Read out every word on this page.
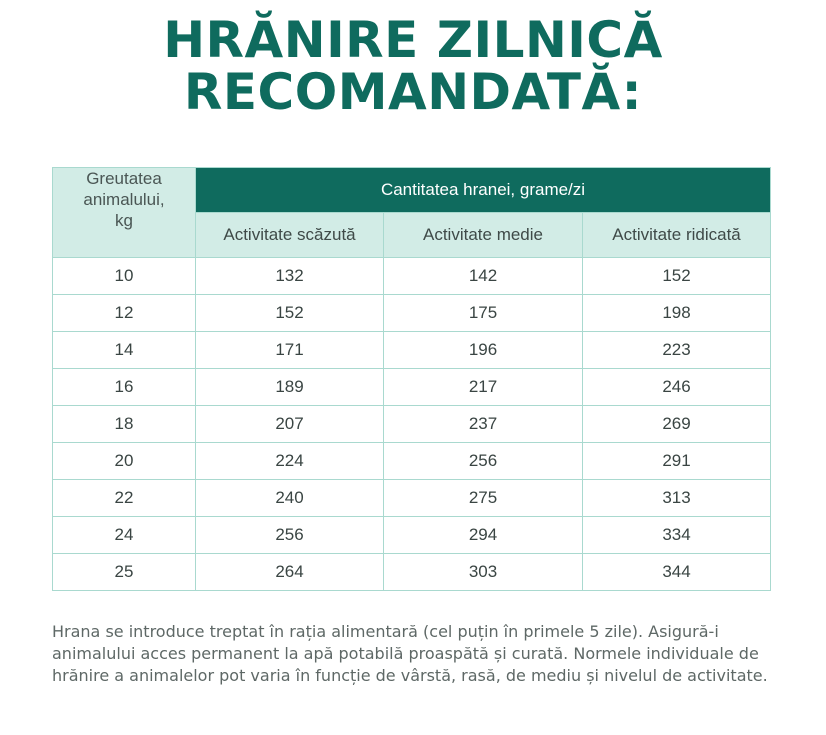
HRĂNIRE ZILNICĂ
RECOMANDATĂ:
Greutatea
animalului,
kg	Cantitatea hranei, grame/zi		
	Activitate scăzută	Activitate medie	Activitate ridicată
10	132	142	152
12	152	175	198
14	171	196	223
16	189	217	246
18	207	237	269
20	224	256	291
22	240	275	313
24	256	294	334
25	264	303	344
Hrana se introduce treptat în rația alimentară (cel puțin în primele 5 zile). Asigură-i animalului acces permanent la apă potabilă proaspătă și curată. Normele individuale de hrănire a animalelor pot varia în funcție de vârstă, rasă, de mediu și nivelul de activitate.
